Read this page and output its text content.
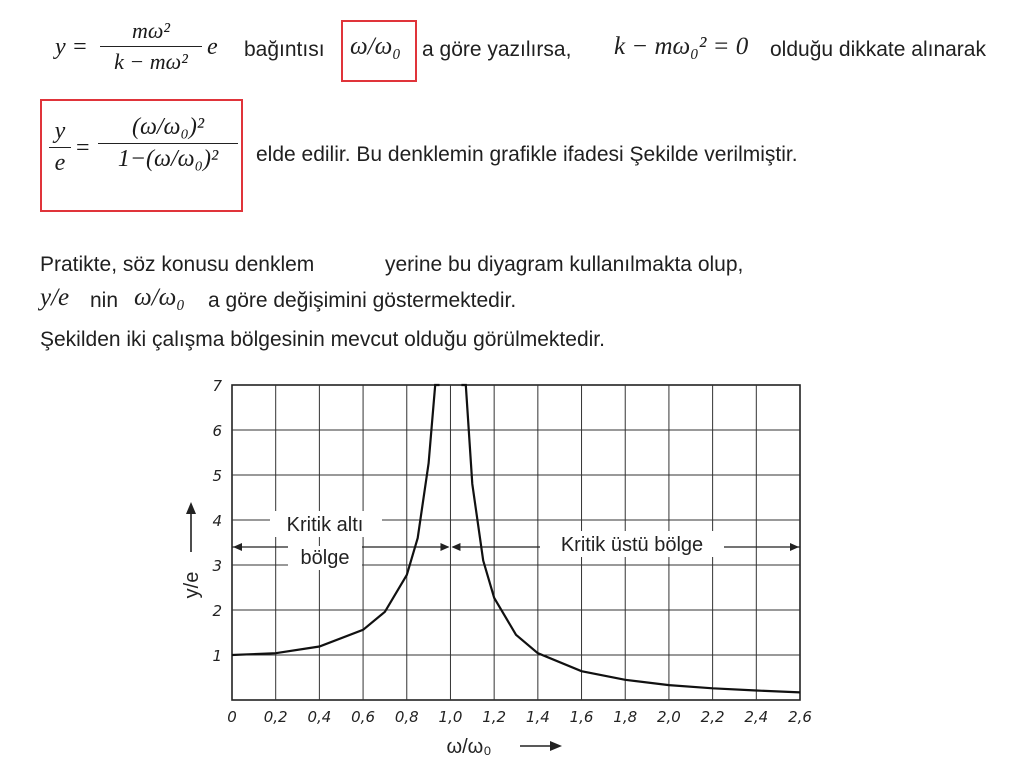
y =
mω²
k − mω²
e bağıntısı ω/ω₀ a göre yazılırsa, k − mω₀² = 0 olduğu dikkate alınarak
y
e
=
(ω/ω₀)²
1−(ω/ω₀)²	elde edilir. Bu denklemin grafikle ifadesi Şekilde verilmiştir.
Pratikte, söz konusu denklem	yerine bu diyagram kullanılmakta olup,
y/e nin ω/ω₀ a göre değişimini göstermektedir.
Şekilden iki çalışma bölgesinin mevcut olduğu görülmektedir.
0 0,2 0,4 0,6 0,8 1,0 1,2 1,4 1,6 1,8 2,0 2,2 2,4 2,6
1
2
3
4
5
6
7
Kritik altı
bölge
Kritik üstü bölge
y/e
ω/ω₀
